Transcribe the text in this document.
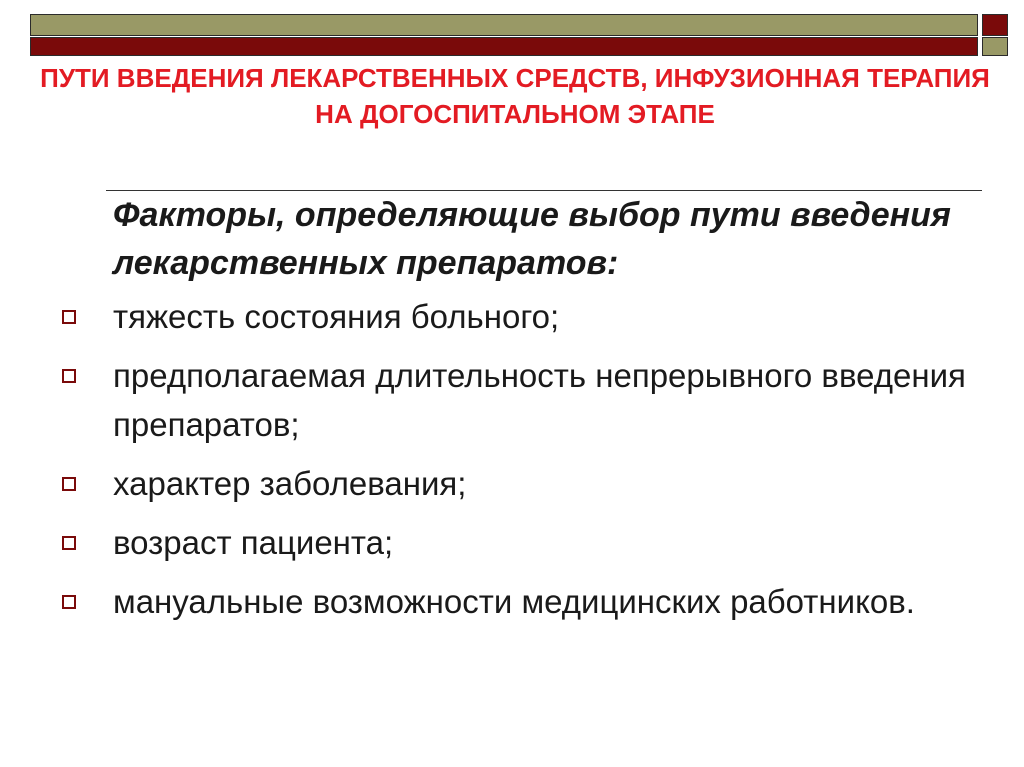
ПУТИ ВВЕДЕНИЯ ЛЕКАРСТВЕННЫХ СРЕДСТВ, ИНФУЗИОННАЯ ТЕРАПИЯ НА ДОГОСПИТАЛЬНОМ ЭТАПЕ

Факторы, определяющие выбор пути введения лекарственных препаратов:

тяжесть состояния больного;
предполагаемая длительность непрерывного введения препаратов;
характер заболевания;
возраст пациента;
мануальные возможности медицинских работников.
